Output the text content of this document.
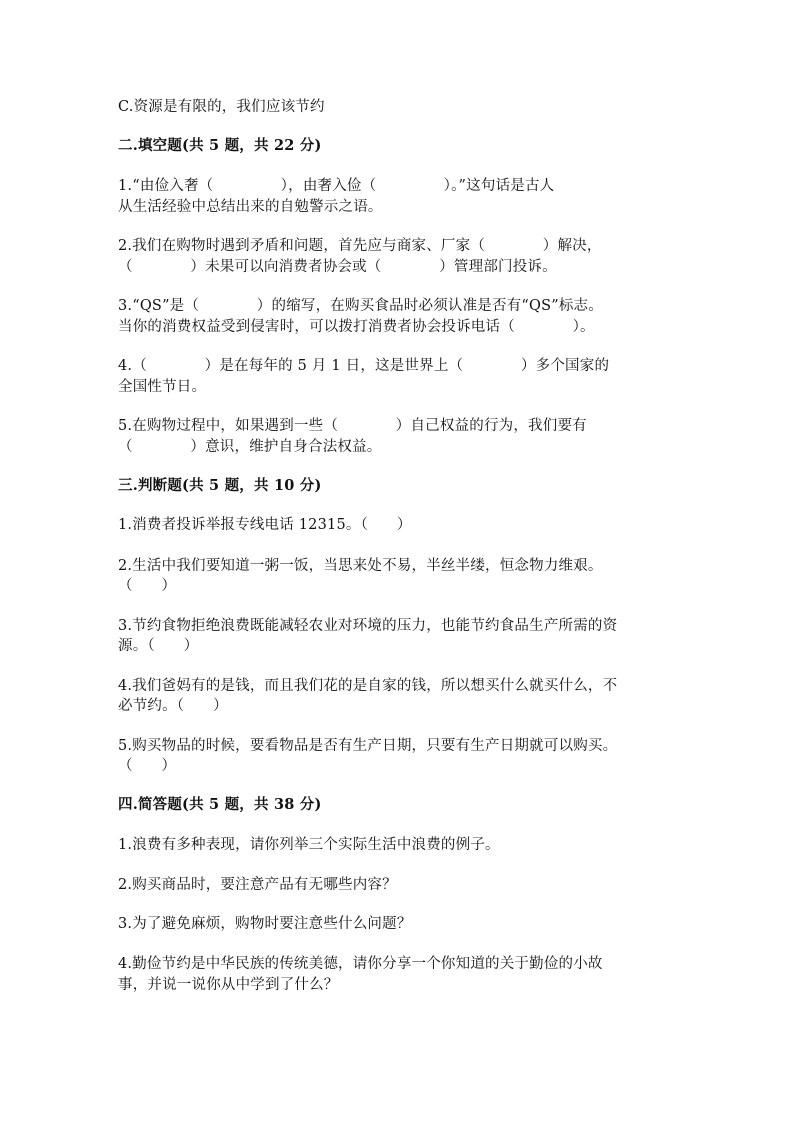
C.资源是有限的，我们应该节约
二.填空题(共 5 题，共 22 分)
1.“由俭入奢（              ），由奢入俭（              ）。”这句话是古人
从生活经验中总结出来的自勉警示之语。
2.我们在购物时遇到矛盾和问题，首先应与商家、厂家（            ）解决，
（            ）未果可以向消费者协会或（            ）管理部门投诉。
3.“QS”是（            ）的缩写，在购买食品时必须认准是否有“QS”标志。
当你的消费权益受到侵害时，可以拨打消费者协会投诉电话（            ）。
4.（            ）是在每年的 5 月 1 日，这是世界上（            ）多个国家的
全国性节日。
5.在购物过程中，如果遇到一些（            ）自己权益的行为，我们要有
（            ）意识，维护自身合法权益。
三.判断题(共 5 题，共 10 分)
1.消费者投诉举报专线电话 12315。（      ）
2.生活中我们要知道一粥一饭，当思来处不易，半丝半缕，恒念物力维艰。
（      ）
3.节约食物拒绝浪费既能减轻农业对环境的压力，也能节约食品生产所需的资
源。（      ）
4.我们爸妈有的是钱，而且我们花的是自家的钱，所以想买什么就买什么，不
必节约。（      ）
5.购买物品的时候，要看物品是否有生产日期，只要有生产日期就可以购买。
（      ）
四.简答题(共 5 题，共 38 分)
1.浪费有多种表现，请你列举三个实际生活中浪费的例子。
2.购买商品时，要注意产品有无哪些内容？
3.为了避免麻烦，购物时要注意些什么问题？
4.勤俭节约是中华民族的传统美德，请你分享一个你知道的关于勤俭的小故
事，并说一说你从中学到了什么？
